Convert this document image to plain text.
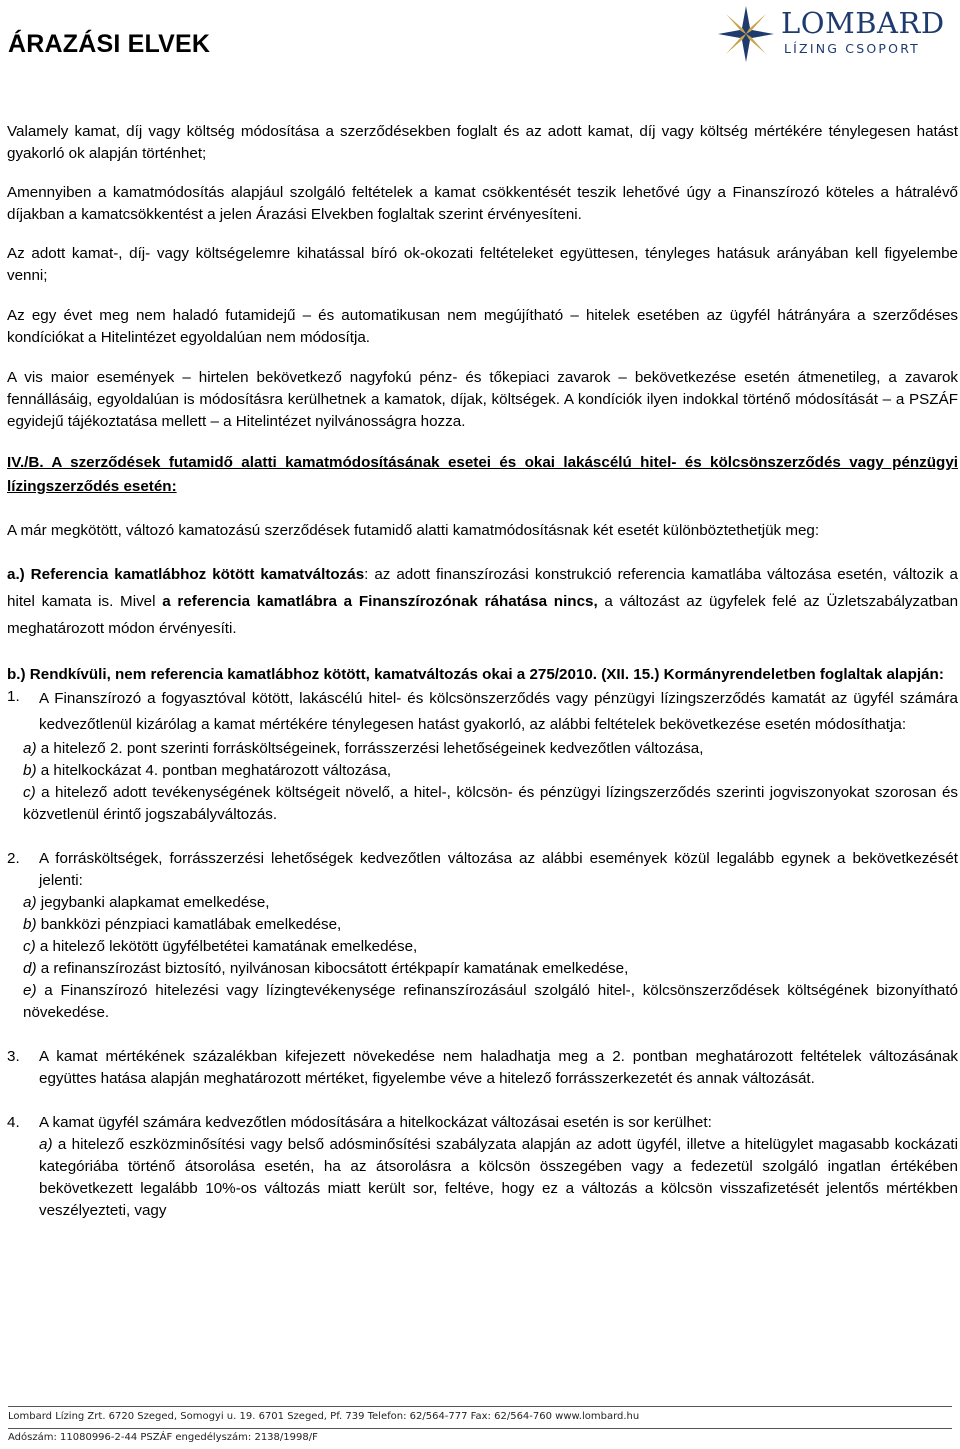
ÁRAZÁSI ELVEK
LOMBARD
LÍZING CSOPORT

Valamely kamat, díj vagy költség módosítása a szerződésekben foglalt és az adott kamat, díj vagy költség mértékére ténylegesen hatást gyakorló ok alapján történhet;

Amennyiben a kamatmódosítás alapjául szolgáló feltételek a kamat csökkentését teszik lehetővé úgy a Finanszírozó köteles a hátralévő díjakban a kamatcsökkentést a jelen Árazási Elvekben foglaltak szerint érvényesíteni.

Az adott kamat-, díj- vagy költségelemre kihatással bíró ok-okozati feltételeket együttesen, tényleges hatásuk arányában kell figyelembe venni;

Az egy évet meg nem haladó futamidejű – és automatikusan nem megújítható – hitelek esetében az ügyfél hátrányára a szerződéses kondíciókat a Hitelintézet egyoldalúan nem módosítja.

A vis maior események – hirtelen bekövetkező nagyfokú pénz- és tőkepiaci zavarok – bekövetkezése esetén átmenetileg, a zavarok fennállásáig, egyoldalúan is módosításra kerülhetnek a kamatok, díjak, költségek. A kondíciók ilyen indokkal történő módosítását – a PSZÁF egyidejű tájékoztatása mellett – a Hitelintézet nyilvánosságra hozza.

IV./B. A szerződések futamidő alatti kamatmódosításának esetei és okai lakáscélú hitel- és kölcsönszerződés vagy pénzügyi lízingszerződés esetén:

A már megkötött, változó kamatozású szerződések futamidő alatti kamatmódosításnak két esetét különböztethetjük meg:

a.) Referencia kamatlábhoz kötött kamatváltozás: az adott finanszírozási konstrukció referencia kamatlába változása esetén, változik a hitel kamata is. Mivel a referencia kamatlábra a Finanszírozónak ráhatása nincs, a változást az ügyfelek felé az Üzletszabályzatban meghatározott módon érvényesíti.

b.) Rendkívüli, nem referencia kamatlábhoz kötött, kamatváltozás okai a 275/2010. (XII. 15.) Kormányrendeletben foglaltak alapján:

1.	A Finanszírozó a fogyasztóval kötött, lakáscélú hitel- és kölcsönszerződés vagy pénzügyi lízingszerződés kamatát az ügyfél számára kedvezőtlenül kizárólag a kamat mértékére ténylegesen hatást gyakorló, az alábbi feltételek bekövetkezése esetén módosíthatja:
a) a hitelező 2. pont szerinti forrásköltségeinek, forrásszerzési lehetőségeinek kedvezőtlen változása,
b) a hitelkockázat 4. pontban meghatározott változása,
c) a hitelező adott tevékenységének költségeit növelő, a hitel-, kölcsön- és pénzügyi lízingszerződés szerinti jogviszonyokat szorosan és közvetlenül érintő jogszabályváltozás.
2.	A forrásköltségek, forrásszerzési lehetőségek kedvezőtlen változása az alábbi események közül legalább egynek a bekövetkezését jelenti:
a) jegybanki alapkamat emelkedése,
b) bankközi pénzpiaci kamatlábak emelkedése,
c) a hitelező lekötött ügyfélbetétei kamatának emelkedése,
d) a refinanszírozást biztosító, nyilvánosan kibocsátott értékpapír kamatának emelkedése,
e) a Finanszírozó hitelezési vagy lízingtevékenysége refinanszírozásául szolgáló hitel-, kölcsönszerződések költségének bizonyítható növekedése.
3.	A kamat mértékének százalékban kifejezett növekedése nem haladhatja meg a 2. pontban meghatározott feltételek változásának együttes hatása alapján meghatározott mértéket, figyelembe véve a hitelező forrásszerkezetét és annak változását.
4.	A kamat ügyfél számára kedvezőtlen módosítására a hitelkockázat változásai esetén is sor kerülhet:
a) a hitelező eszközminősítési vagy belső adósminősítési szabályzata alapján az adott ügyfél, illetve a hitelügylet magasabb kockázati kategóriába történő átsorolása esetén, ha az átsorolásra a kölcsön összegében vagy a fedezetül szolgáló ingatlan értékében bekövetkezett legalább 10%-os változás miatt került sor, feltéve, hogy ez a változás a kölcsön visszafizetését jelentős mértékben veszélyezteti, vagy
Lombard Lízing Zrt. 6720 Szeged, Somogyi u. 19. 6701 Szeged, Pf. 739 Telefon: 62/564-777 Fax: 62/564-760 www.lombard.hu
Adószám: 11080996-2-44 PSZÁF engedélyszám: 2138/1998/F
